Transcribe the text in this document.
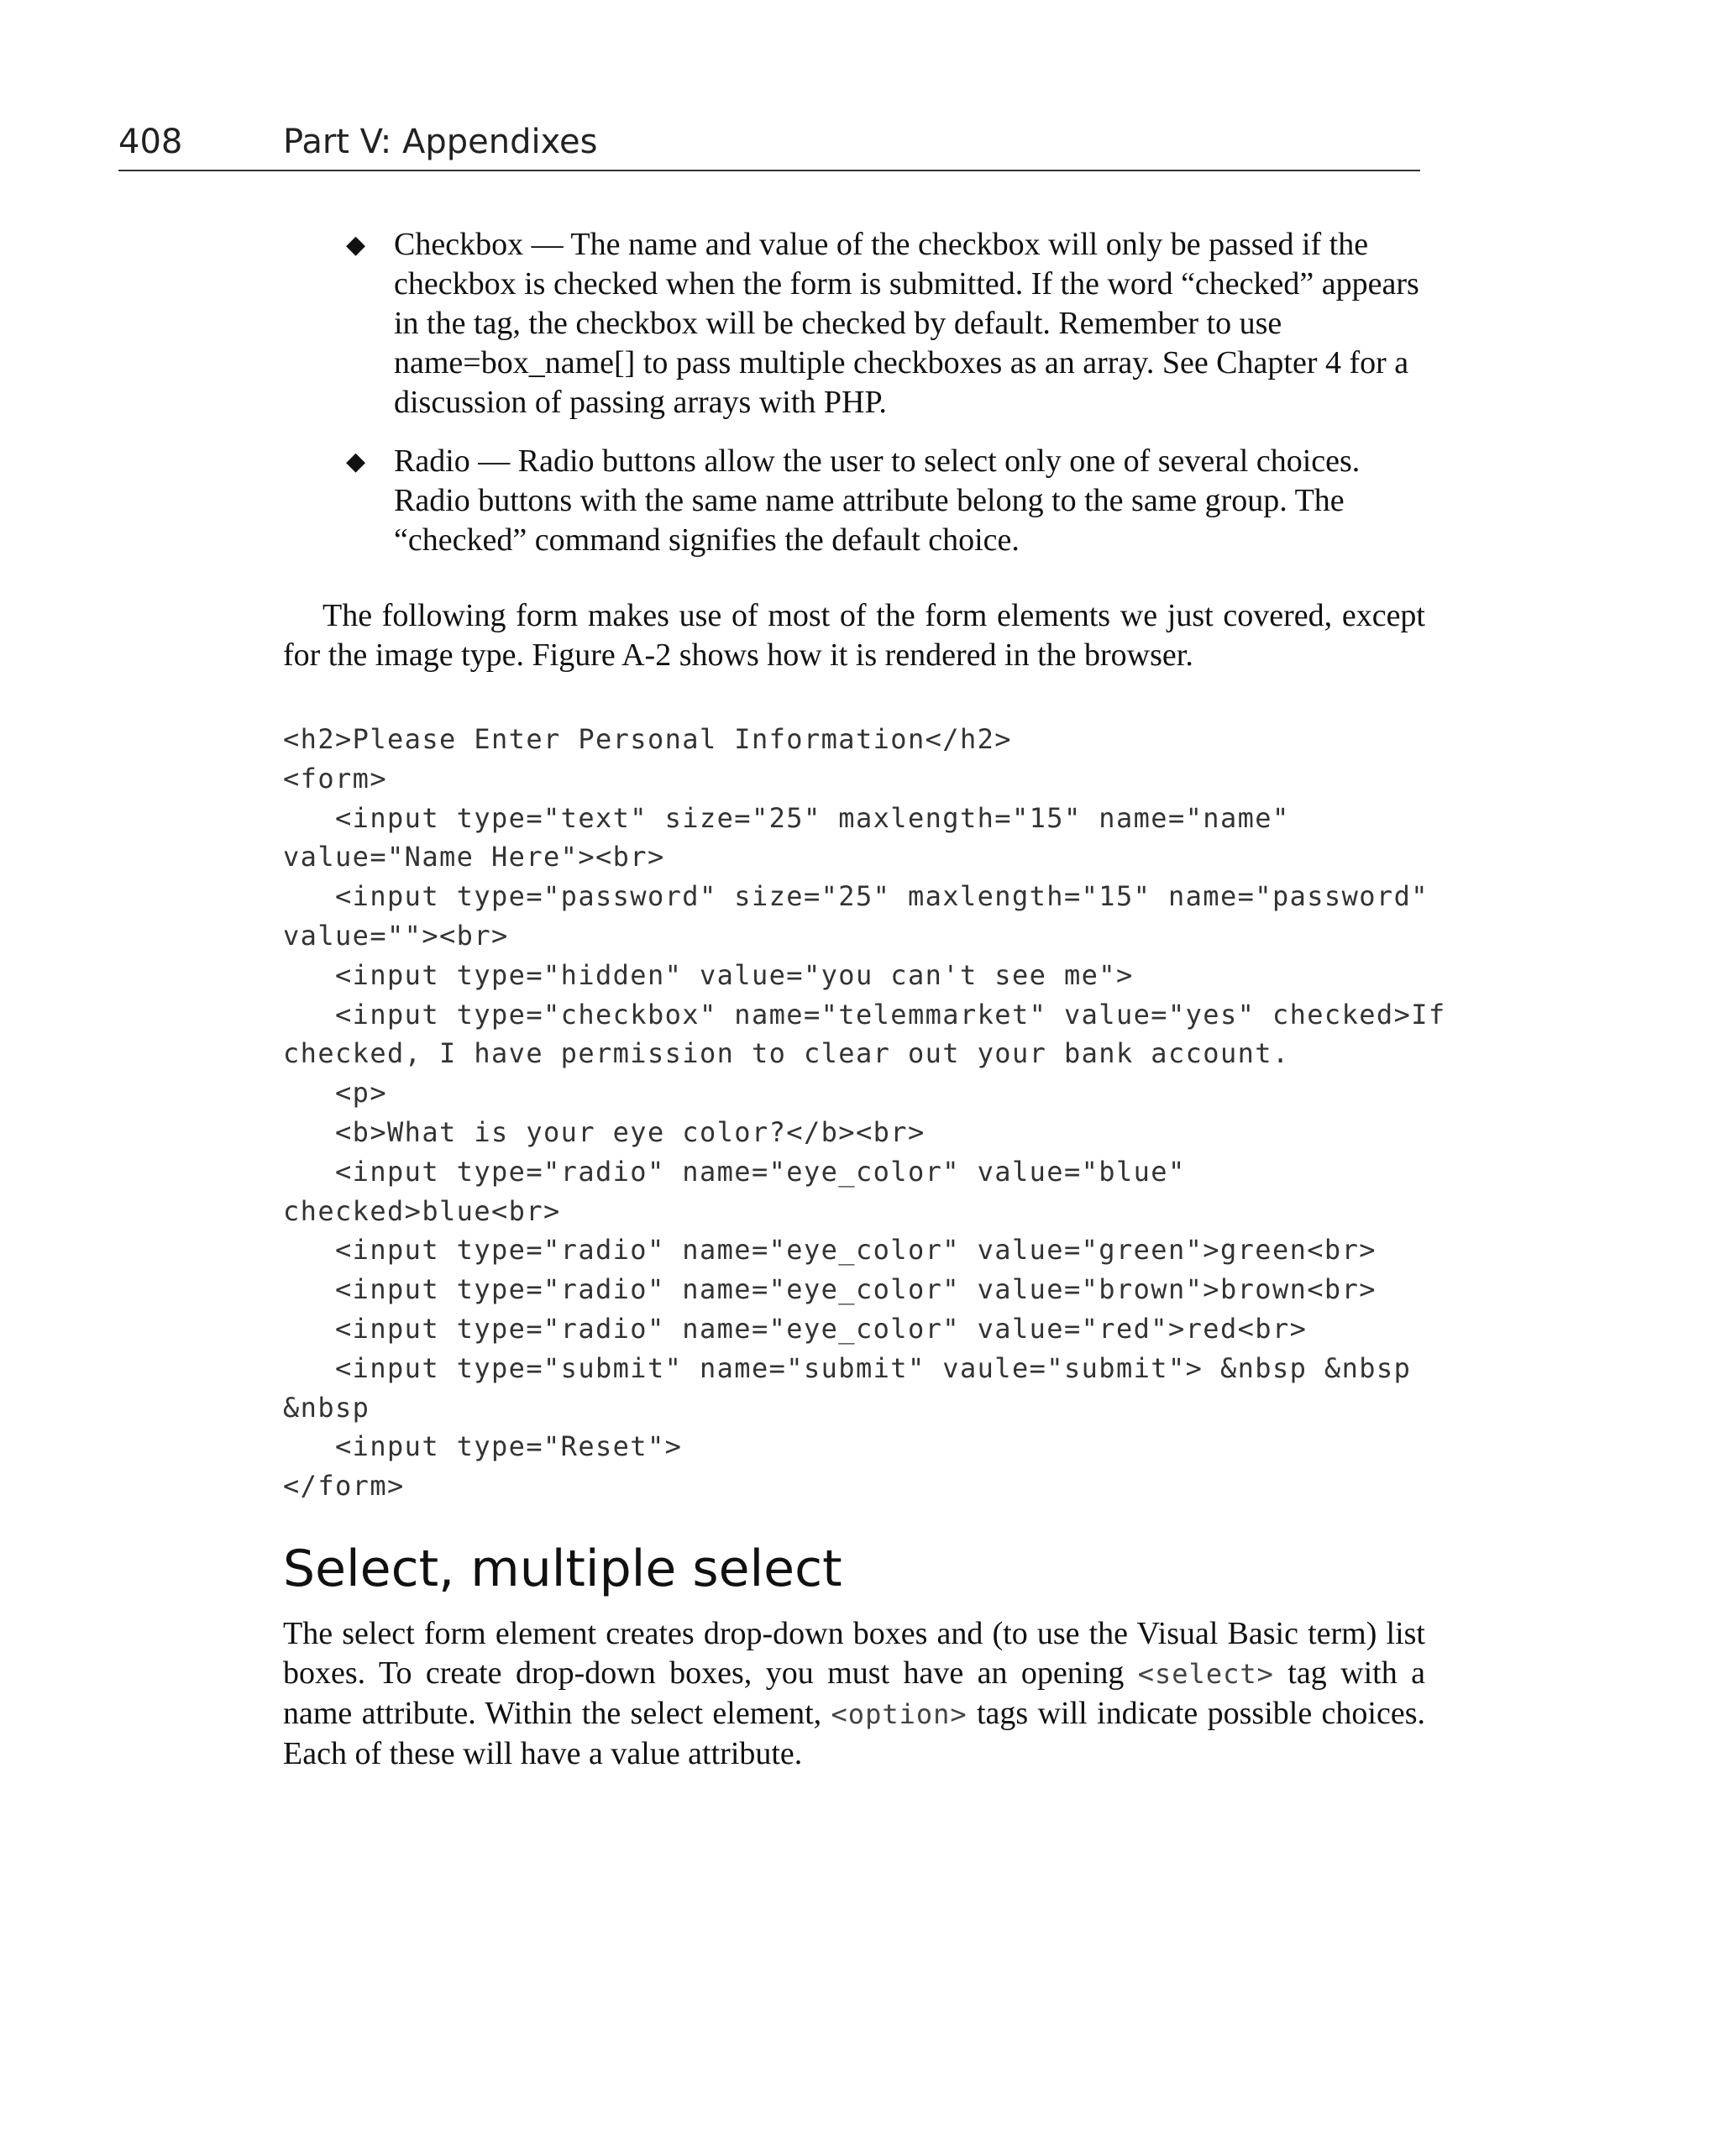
408	Part V: Appendixes
◆ Checkbox — The name and value of the checkbox will only be passed if the checkbox is checked when the form is submitted. If the word “checked” appears in the tag, the checkbox will be checked by default. Remember to use name=box_name[] to pass multiple checkboxes as an array. See Chapter 4 for a discussion of passing arrays with PHP.
◆ Radio — Radio buttons allow the user to select only one of several choices. Radio buttons with the same name attribute belong to the same group. The “checked” command signifies the default choice.

The following form makes use of most of the form elements we just covered, except for the image type. Figure A-2 shows how it is rendered in the browser.

<h2>Please Enter Personal Information</h2>
<form>
<input type="text" size="25" maxlength="15" name="name"
value="Name Here"><br>
<input type="password" size="25" maxlength="15" name="password"
value=""><br>
<input type="hidden" value="you can't see me">
<input type="checkbox" name="telemmarket" value="yes" checked>If
checked, I have permission to clear out your bank account.
<p>
<b>What is your eye color?</b><br>
<input type="radio" name="eye_color" value="blue"
checked>blue<br>
<input type="radio" name="eye_color" value="green">green<br>
<input type="radio" name="eye_color" value="brown">brown<br>
<input type="radio" name="eye_color" value="red">red<br>
<input type="submit" name="submit" vaule="submit"> &nbsp &nbsp
&nbsp
<input type="Reset">
</form>
Select, multiple select

The select form element creates drop-down boxes and (to use the Visual Basic term) list boxes. To create drop-down boxes, you must have an opening <select> tag with a name attribute. Within the select element, <option> tags will indicate possible choices. Each of these will have a value attribute.
